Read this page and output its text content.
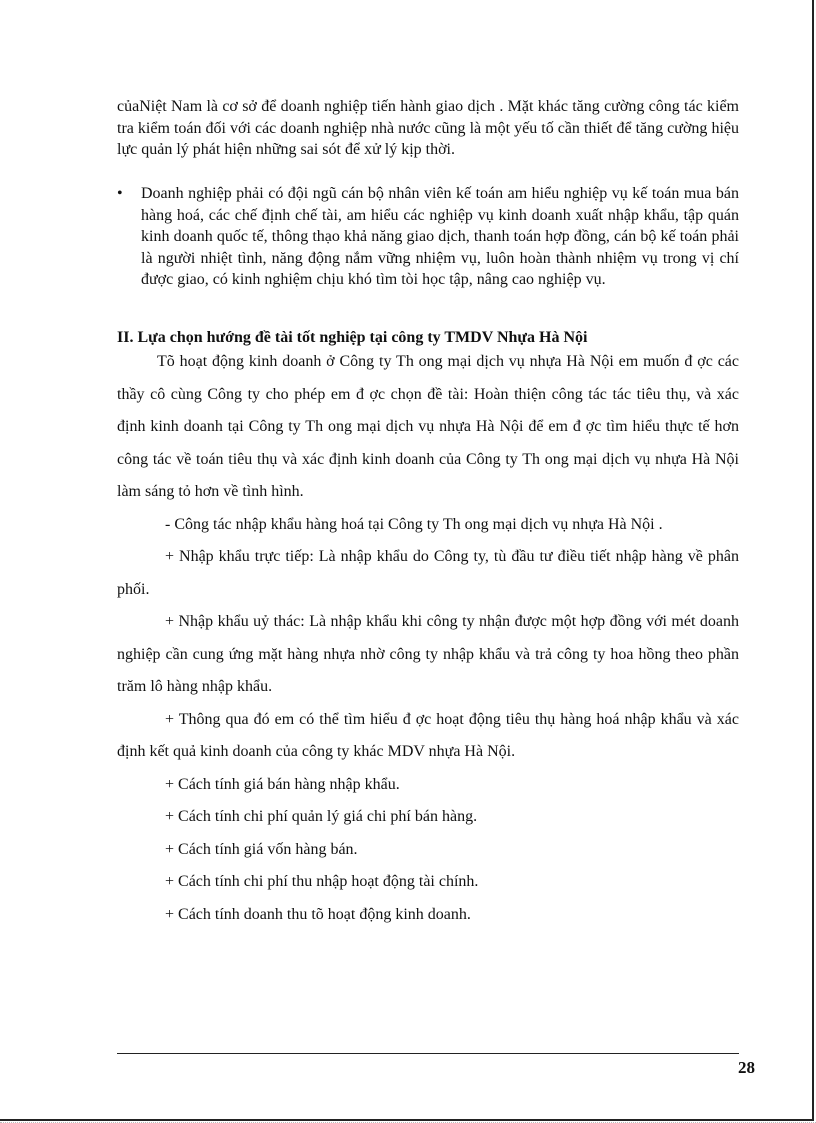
củaNiệt Nam là cơ sở để doanh nghiệp tiến hành giao dịch . Mặt khác tăng cường công tác kiểm tra kiểm toán đối với các doanh nghiệp nhà nước cũng là một yếu tố cần thiết để tăng cường hiệu lực quản lý phát hiện những sai sót để xử lý kịp thời.

• Doanh nghiệp phải có đội ngũ cán bộ nhân viên kế toán am hiểu nghiệp vụ kế toán mua bán hàng hoá, các chế định chế tài, am hiểu các nghiệp vụ kinh doanh xuất nhập khẩu, tập quán kinh doanh quốc tế, thông thạo khả năng giao dịch, thanh toán hợp đồng, cán bộ kế toán phải là người nhiệt tình, năng động nắm vững nhiệm vụ, luôn hoàn thành nhiệm vụ trong vị chí được giao, có kinh nghiệm chịu khó tìm tòi học tập, nâng cao nghiệp vụ.

II. Lựa chọn hướng đề tài tốt nghiệp tại công ty TMDV Nhựa Hà Nội

Tõ hoạt động kinh doanh ở Công ty Th ong mại dịch vụ nhựa Hà Nội em muốn đ ợc các thầy cô cùng Công ty cho phép em đ ợc chọn đề tài: Hoàn thiện công tác tác tiêu thụ, và xác định kinh doanh tại Công ty Th ong mại dịch vụ nhựa Hà Nội để em đ ợc tìm hiểu thực tế hơn công tác về toán tiêu thụ và xác định kinh doanh của Công ty Th ong mại dịch vụ nhựa Hà Nội làm sáng tỏ hơn về tình hình.

- Công tác nhập khẩu hàng hoá tại Công ty Th ong mại dịch vụ nhựa Hà Nội .

+ Nhập khẩu trực tiếp: Là nhập khẩu do Công ty, tù đầu tư điều tiết nhập hàng về phân phối.

+ Nhập khẩu uỷ thác: Là nhập khẩu khi công ty nhận được một hợp đồng với mét doanh nghiệp cần cung ứng mặt hàng nhựa nhờ công ty nhập khẩu và trả công ty hoa hồng theo phần trăm lô hàng nhập khẩu.

+ Thông qua đó em có thể tìm hiểu đ ợc hoạt động tiêu thụ hàng hoá nhập khẩu và xác định kết quả kinh doanh của công ty khác MDV nhựa Hà Nội.

+ Cách tính giá bán hàng nhập khẩu.

+ Cách tính chi phí quản lý giá chi phí bán hàng.

+ Cách tính giá vốn hàng bán.

+ Cách tính chi phí thu nhập hoạt động tài chính.

+ Cách tính doanh thu tõ hoạt động kinh doanh.

28
